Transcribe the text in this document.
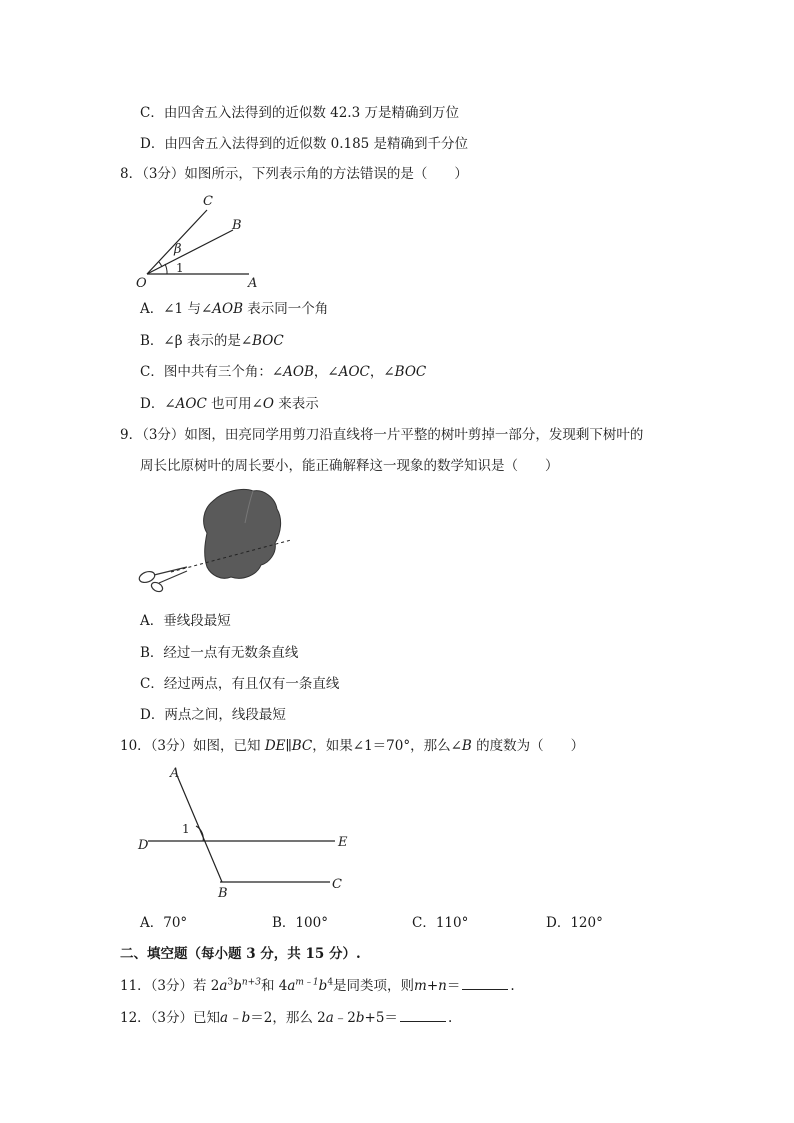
C．由四舍五入法得到的近似数 42.3 万是精确到万位
D．由四舍五入法得到的近似数 0.185 是精确到千分位
8．（3分）如图所示，下列表示角的方法错误的是（　　）
C
B
O	A
β
1
A．∠1 与∠AOB 表示同一个角
B．∠β 表示的是∠BOC
C．图中共有三个角：∠AOB，∠AOC，∠BOC
D．∠AOC 也可用∠O 来表示
9．（3分）如图，田亮同学用剪刀沿直线将一片平整的树叶剪掉一部分，发现剩下树叶的
周长比原树叶的周长要小，能正确解释这一现象的数学知识是（　　）
A．垂线段最短
B．经过一点有无数条直线
C．经过两点，有且仅有一条直线
D．两点之间，线段最短
10．（3分）如图，已知 DE∥BC，如果∠1＝70°，那么∠B 的度数为（　　）
A
D	E
B
C
1
A．70°	B．100°	C．110°	D．120°
二、填空题（每小题 3 分，共 15 分）.
11．（3分）若 $2a^3b^{n+3}$和 $4a^{m﹣1}b^4$是同类项，则m+n＝	.
12．（3分）已知a﹣b＝2，那么 2a﹣2b+5＝	.
